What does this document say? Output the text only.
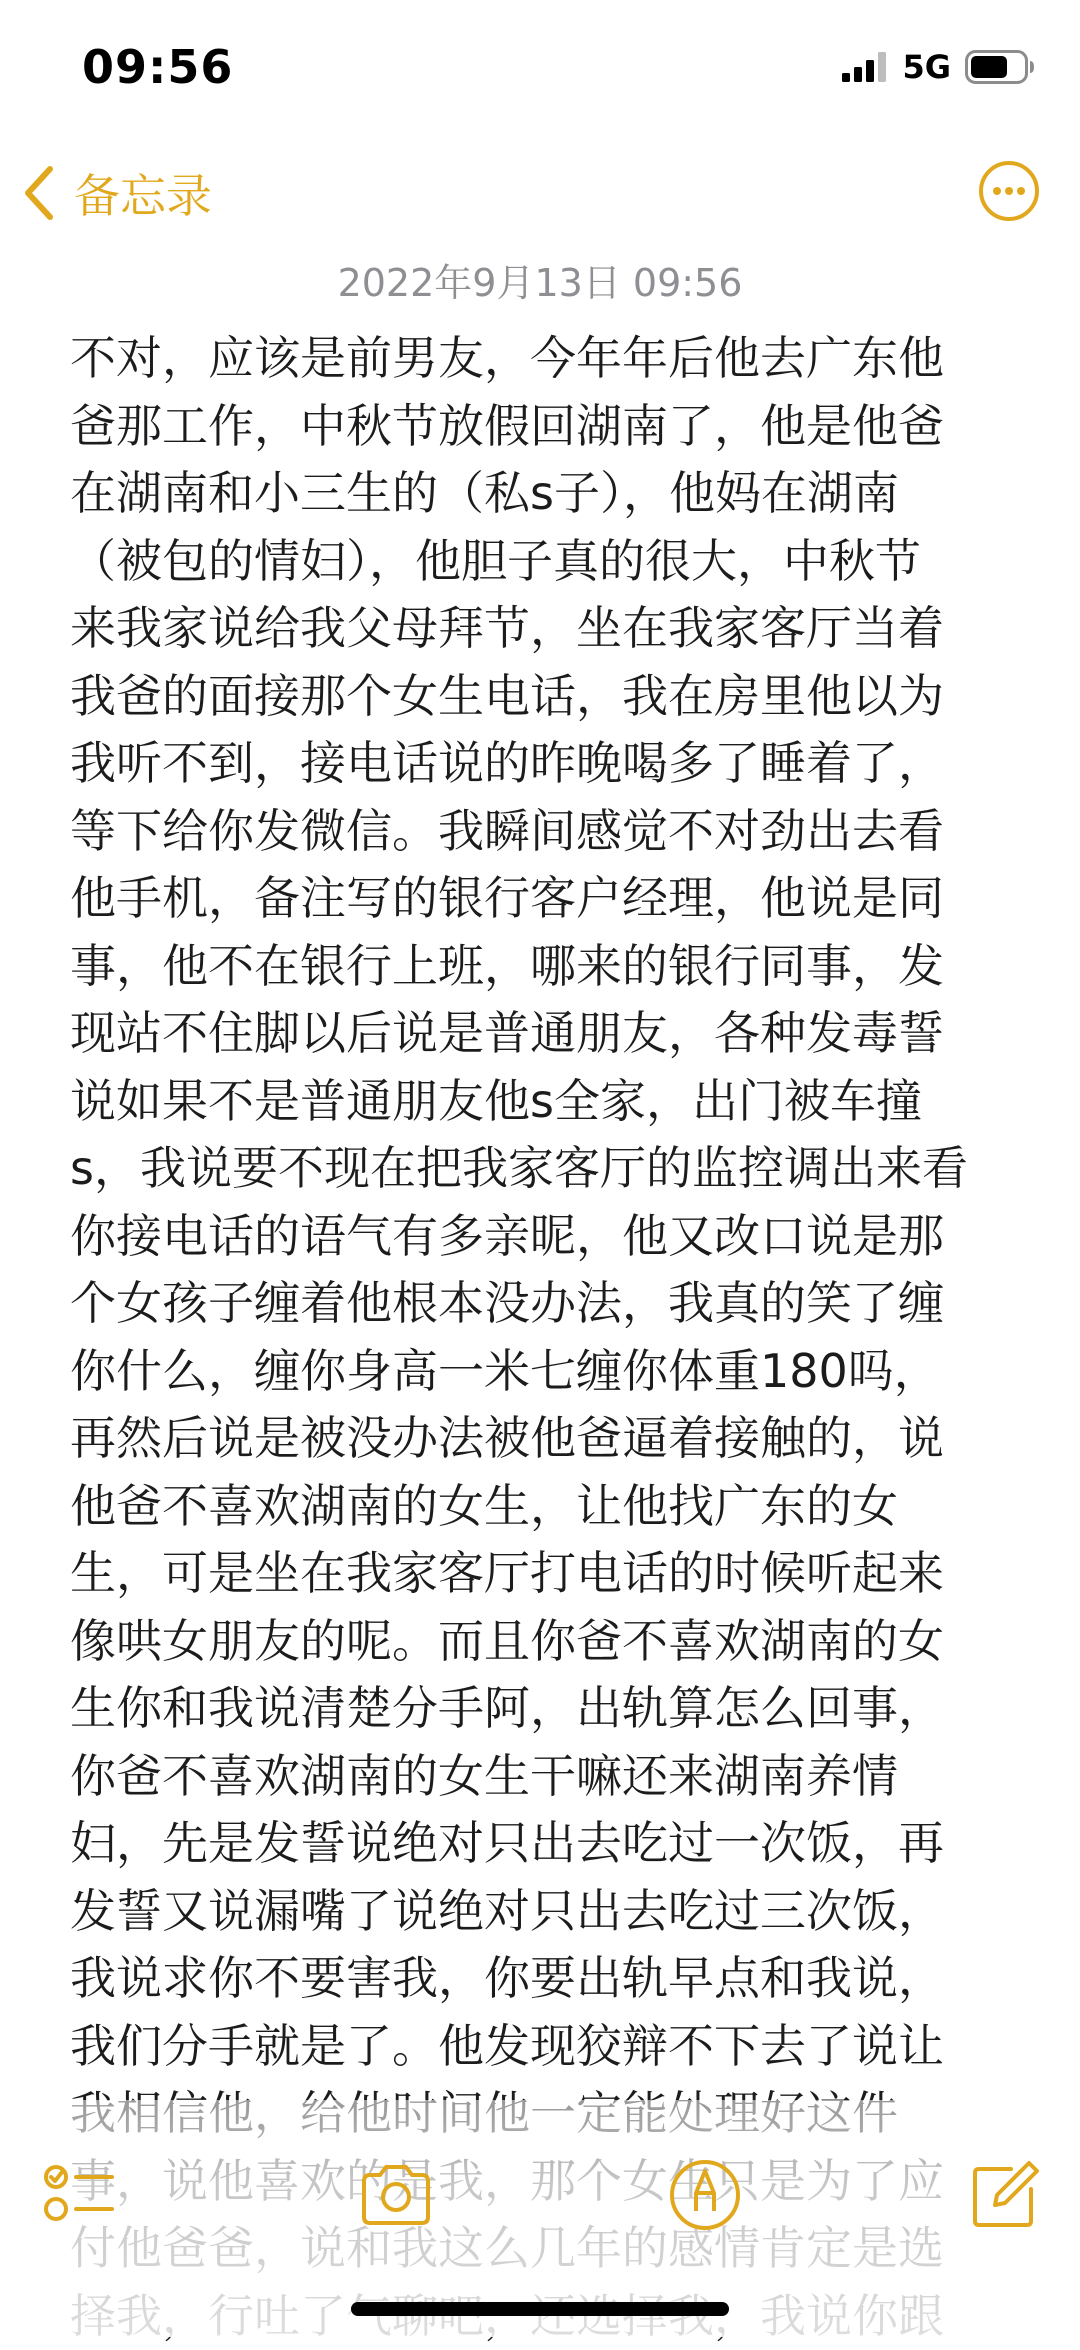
09:56	5G
备忘录
2022年9月13日 09:56
不对，应该是前男友，今年年后他去广东他
爸那工作，中秋节放假回湖南了，他是他爸
在湖南和小三生的（私s子），他妈在湖南
（被包的情妇），他胆子真的很大，中秋节
来我家说给我父母拜节，坐在我家客厅当着
我爸的面接那个女生电话，我在房里他以为
我听不到，接电话说的昨晚喝多了睡着了，
等下给你发微信。我瞬间感觉不对劲出去看
他手机，备注写的银行客户经理，他说是同
事，他不在银行上班，哪来的银行同事，发
现站不住脚以后说是普通朋友，各种发毒誓
说如果不是普通朋友他s全家，出门被车撞
s，我说要不现在把我家客厅的监控调出来看
你接电话的语气有多亲昵，他又改口说是那
个女孩子缠着他根本没办法，我真的笑了缠
你什么，缠你身高一米七缠你体重180吗，
再然后说是被没办法被他爸逼着接触的，说
他爸不喜欢湖南的女生，让他找广东的女
生，可是坐在我家客厅打电话的时候听起来
像哄女朋友的呢。而且你爸不喜欢湖南的女
生你和我说清楚分手阿，出轨算怎么回事，
你爸不喜欢湖南的女生干嘛还来湖南养情
妇，先是发誓说绝对只出去吃过一次饭，再
发誓又说漏嘴了说绝对只出去吃过三次饭，
我说求你不要害我，你要出轨早点和我说，
我们分手就是了。他发现狡辩不下去了说让
